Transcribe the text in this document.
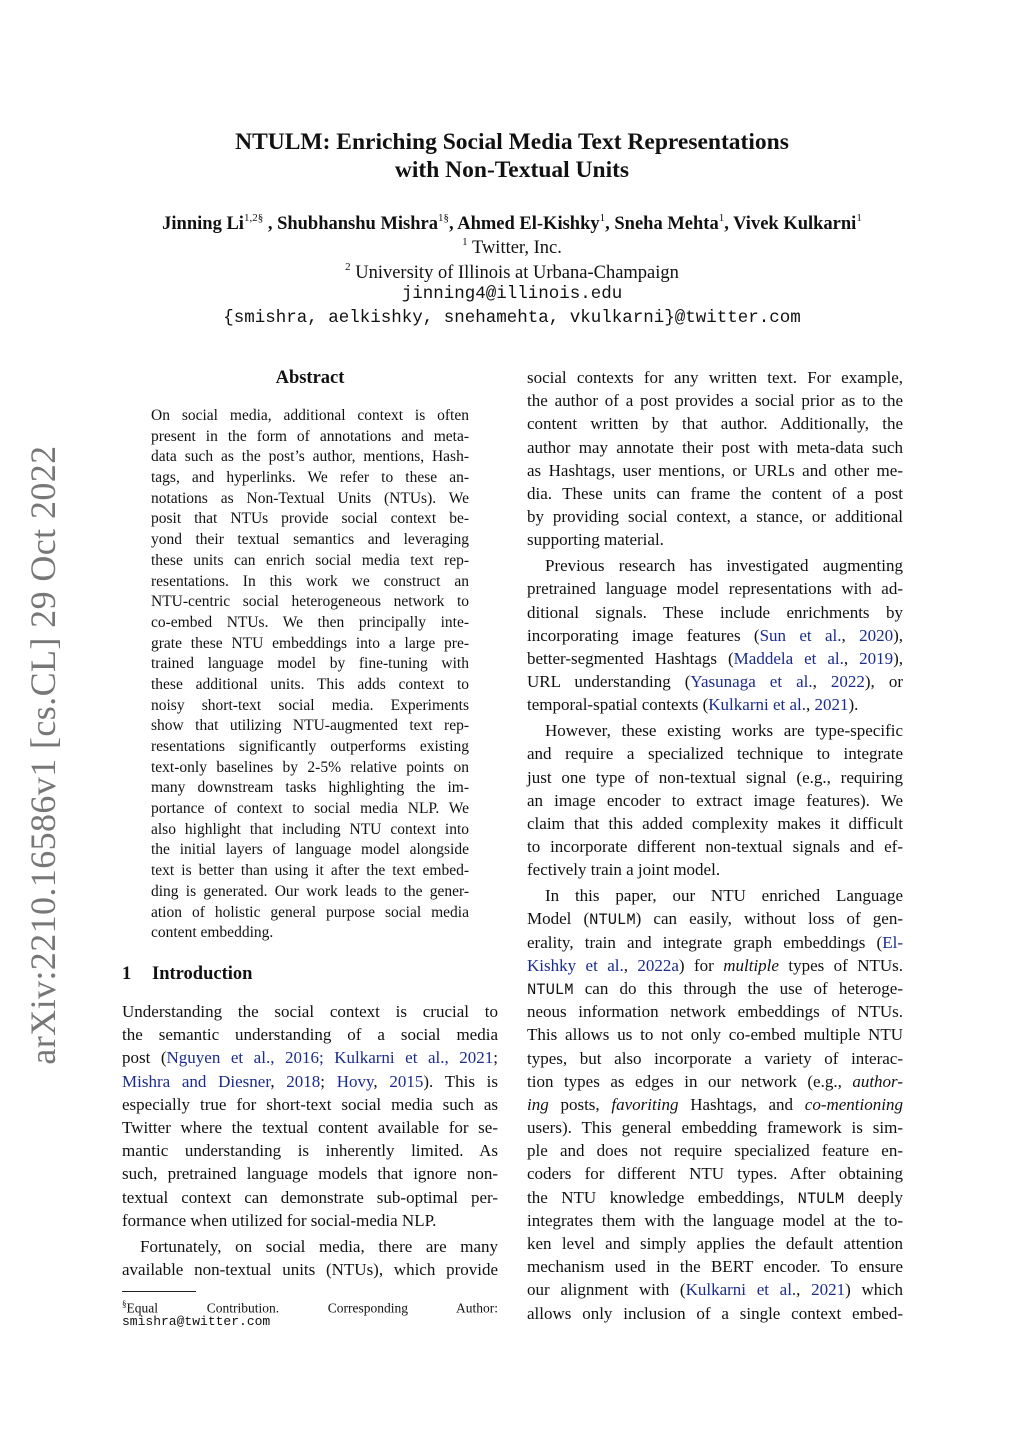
arXiv:2210.16586v1 [cs.CL] 29 Oct 2022
NTULM: Enriching Social Media Text Representations
with Non-Textual Units
Jinning $Li^{1,2\S}$ , Shubhanshu Mishra$^{1\S}$, Ahmed El-Kishky$^1$, Sneha Mehta$^1$, Vivek Kulkarni$^1$
$^1$ Twitter, Inc.
$^2$ University of Illinois at Urbana-Champaign
jinning4@illinois.edu
{smishra, aelkishky, snehamehta, vkulkarni}@twitter.com
Abstract
On social media, additional context is often
present in the form of annotations and meta-
data such as the post’s author, mentions, Hash-
tags, and hyperlinks. We refer to these an-
notations as Non-Textual Units (NTUs). We
posit that NTUs provide social context be-
yond their textual semantics and leveraging
these units can enrich social media text rep-
resentations. In this work we construct an
NTU-centric social heterogeneous network to
co-embed NTUs. We then principally inte-
grate these NTU embeddings into a large pre-
trained language model by fine-tuning with
these additional units. This adds context to
noisy short-text social media. Experiments
show that utilizing NTU-augmented text rep-
resentations significantly outperforms existing
text-only baselines by 2-5% relative points on
many downstream tasks highlighting the im-
portance of context to social media NLP. We
also highlight that including NTU context into
the initial layers of language model alongside
text is better than using it after the text embed-
ding is generated. Our work leads to the gener-
ation of holistic general purpose social media
content embedding.
1 Introduction
Understanding the social context is crucial to
the semantic understanding of a social media
post (Nguyen et al., 2016; Kulkarni et al., 2021;
Mishra and Diesner, 2018; Hovy, 2015). This is
especially true for short-text social media such as
Twitter where the textual content available for se-
mantic understanding is inherently limited. As
such, pretrained language models that ignore non-
textual context can demonstrate sub-optimal per-
formance when utilized for social-media NLP.
Fortunately, on social media, there are many
available non-textual units (NTUs), which provide
social contexts for any written text. For example,
the author of a post provides a social prior as to the
content written by that author. Additionally, the
author may annotate their post with meta-data such
as Hashtags, user mentions, or URLs and other me-
dia. These units can frame the content of a post
by providing social context, a stance, or additional
supporting material.
Previous research has investigated augmenting
pretrained language model representations with ad-
ditional signals. These include enrichments by
incorporating image features (Sun et al., 2020),
better-segmented Hashtags (Maddela et al., 2019),
URL understanding (Yasunaga et al., 2022), or
temporal-spatial contexts (Kulkarni et al., 2021).
However, these existing works are type-specific
and require a specialized technique to integrate
just one type of non-textual signal (e.g., requiring
an image encoder to extract image features). We
claim that this added complexity makes it difficult
to incorporate different non-textual signals and ef-
fectively train a joint model.
In this paper, our NTU enriched Language
Model (NTULM) can easily, without loss of gen-
erality, train and integrate graph embeddings (El-
Kishky et al., 2022a) for multiple types of NTUs.
NTULM can do this through the use of heteroge-
neous information network embeddings of NTUs.
This allows us to not only co-embed multiple NTU
types, but also incorporate a variety of interac-
tion types as edges in our network (e.g., author-
ing posts, favoriting Hashtags, and co-mentioning
users). This general embedding framework is sim-
ple and does not require specialized feature en-
coders for different NTU types. After obtaining
the NTU knowledge embeddings, NTULM deeply
integrates them with the language model at the to-
ken level and simply applies the default attention
mechanism used in the BERT encoder. To ensure
our alignment with (Kulkarni et al., 2021) which
allows only inclusion of a single context embed-
§Equal Contribution. Corresponding Author:
smishra@twitter.com
